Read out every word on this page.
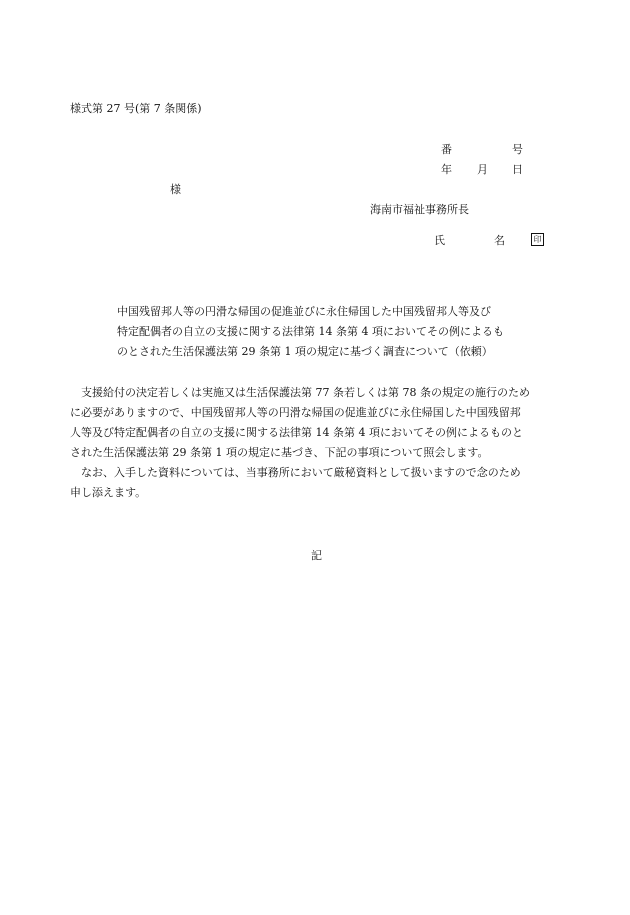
様式第 27 号(第 7 条関係)
番	号
年 月 日
様
海南市福祉事務所長
氏	名	印
中国残留邦人等の円滑な帰国の促進並びに永住帰国した中国残留邦人等及び
特定配偶者の自立の支援に関する法律第 14 条第 4 項においてその例によるも
のとされた生活保護法第 29 条第 1 項の規定に基づく調査について（依頼）
　支援給付の決定若しくは実施又は生活保護法第 77 条若しくは第 78 条の規定の施行のため
に必要がありますので、中国残留邦人等の円滑な帰国の促進並びに永住帰国した中国残留邦
人等及び特定配偶者の自立の支援に関する法律第 14 条第 4 項においてその例によるものと
された生活保護法第 29 条第 1 項の規定に基づき、下記の事項について照会します。
　なお、入手した資料については、当事務所において厳秘資料として扱いますので念のため
申し添えます。
記
